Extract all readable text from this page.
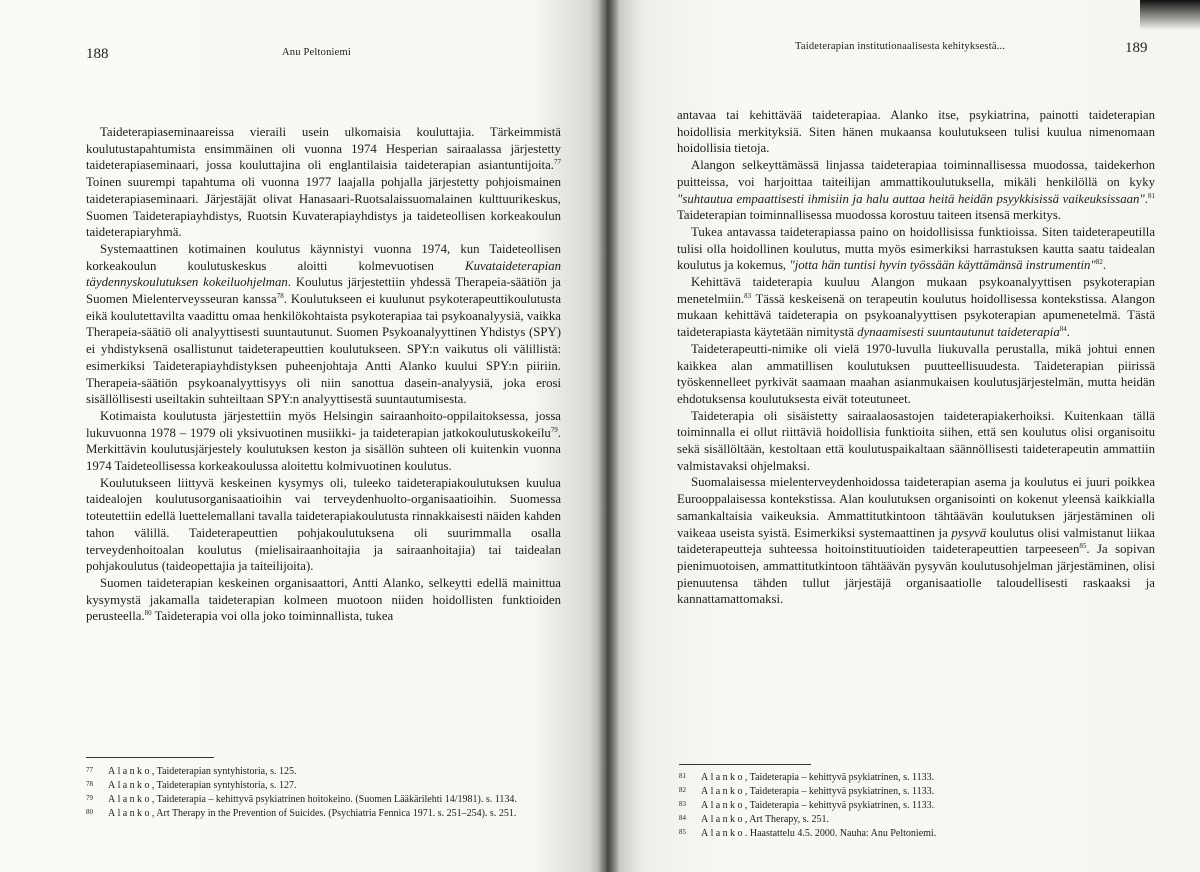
188	Anu Peltoniemi

Taideterapiaseminaareissa vieraili usein ulkomaisia kouluttajia. Tärkeimmistä koulutustapahtumista ensimmäinen oli vuonna 1974 Hesperian sairaalassa järjestetty taideterapiaseminaari, jossa kouluttajina oli englantilaisia taideterapian asiantuntijoita.$^{77}$ Toinen suurempi tapahtuma oli vuonna 1977 laajalla pohjalla järjestetty pohjoismainen taideterapiaseminaari. Järjestäjät olivat Hanasaari-Ruotsalaissuomalainen kulttuurikeskus, Suomen Taideterapiayhdistys, Ruotsin Kuvaterapiayhdistys ja taideteollisen korkeakoulun taideterapiaryhmä.

Systemaattinen kotimainen koulutus käynnistyi vuonna 1974, kun Taideteollisen korkeakoulun koulutuskeskus aloitti kolmevuotisen Kuvataideterapian täydennyskoulutuksen kokeiluohjelman. Koulutus järjestettiin yhdessä Therapeia-säätiön ja Suomen Mielenterveysseuran kanssa$^{78}$. Koulutukseen ei kuulunut psykoterapeuttikoulutusta eikä koulutettavilta vaadittu omaa henkilökohtaista psykoterapiaa tai psykoanalyysiä, vaikka Therapeia-säätiö oli analyyttisesti suuntautunut. Suomen Psykoanalyyttinen Yhdistys (SPY) ei yhdistyksenä osallistunut taideterapeuttien koulutukseen. SPY:n vaikutus oli välillistä: esimerkiksi Taideterapiayhdistyksen puheenjohtaja Antti Alanko kuului SPY:n piiriin. Therapeia-säätiön psykoanalyyttisyys oli niin sanottua dasein-analyysiä, joka erosi sisällöllisesti useiltakin suhteiltaan SPY:n analyyttisestä suuntautumisesta.

Kotimaista koulutusta järjestettiin myös Helsingin sairaanhoito-oppilaitoksessa, jossa lukuvuonna 1978 – 1979 oli yksivuotinen musiikki- ja taideterapian jatkokoulutuskokeilu$^{79}$. Merkittävin koulutusjärjestely koulutuksen keston ja sisällön suhteen oli kuitenkin vuonna 1974 Taideteollisessa korkeakoulussa aloitettu kolmivuotinen koulutus.

Koulutukseen liittyvä keskeinen kysymys oli, tuleeko taideterapiakoulutuksen kuulua taidealojen koulutusorganisaatioihin vai terveydenhuolto-organisaatioihin. Suomessa toteutettiin edellä luettelemallani tavalla taideterapiakoulutusta rinnakkaisesti näiden kahden tahon välillä. Taideterapeuttien pohjakoulutuksena oli suurimmalla osalla terveydenhoitoalan koulutus (mielisairaanhoitajia ja sairaanhoitajia) tai taidealan pohjakoulutus (taideopettajia ja taiteilijoita).

Suomen taideterapian keskeinen organisaattori, Antti Alanko, selkeytti edellä mainittua kysymystä jakamalla taideterapian kolmeen muotoon niiden hoidollisten funktioiden perusteella.$^{80}$ Taideterapia voi olla joko toiminnallista, tukea

77 Alanko, Taideterapian syntyhistoria, s. 125.
78 Alanko, Taideterapian syntyhistoria, s. 127.
79 Alanko, Taideterapia – kehittyvä psykiatrinen hoitokeino. (Suomen Lääkärilehti 14/1981). s. 1134.
80 Alanko, Art Therapy in the Prevention of Suicides. (Psychiatria Fennica 1971. s. 251–254). s. 251.
189
Taideterapian institutionaalisesta kehityksestä...

antavaa tai kehittävää taideterapiaa. Alanko itse, psykiatrina, painotti taideterapian hoidollisia merkityksiä. Siten hänen mukaansa koulutukseen tulisi kuulua nimenomaan hoidollisia tietoja.

Alangon selkeyttämässä linjassa taideterapiaa toiminnallisessa muodossa, taidekerhon puitteissa, voi harjoittaa taiteilijan ammattikoulutuksella, mikäli henkilöllä on kyky "suhtautua empaattisesti ihmisiin ja halu auttaa heitä heidän psyykkisissä vaikeuksissaan".$^{81}$ Taideterapian toiminnallisessa muodossa korostuu taiteen itsensä merkitys.

Tukea antavassa taideterapiassa paino on hoidollisissa funktioissa. Siten taideterapeutilla tulisi olla hoidollinen koulutus, mutta myös esimerkiksi harrastuksen kautta saatu taidealan koulutus ja kokemus, "jotta hän tuntisi hyvin työssään käyttämänsä instrumentin"$^{82}$.

Kehittävä taideterapia kuuluu Alangon mukaan psykoanalyyttisen psykoterapian menetelmiin.$^{83}$ Tässä keskeisenä on terapeutin koulutus hoidollisessa kontekstissa. Alangon mukaan kehittävä taideterapia on psykoanalyyttisen psykoterapian apumenetelmä. Tästä taideterapiasta käytetään nimitystä dynaamisesti suuntautunut taideterapia$^{84}$.

Taideterapeutti-nimike oli vielä 1970-luvulla liukuvalla perustalla, mikä johtui ennen kaikkea alan ammatillisen koulutuksen puutteellisuudesta. Taideterapian piirissä työskennelleet pyrkivät saamaan maahan asianmukaisen koulutusjärjestelmän, mutta heidän ehdotuksensa koulutuksesta eivät toteutuneet.

Taideterapia oli sisäistetty sairaalaosastojen taideterapiakerhoiksi. Kuitenkaan tällä toiminnalla ei ollut riittäviä hoidollisia funktioita siihen, että sen koulutus olisi organisoitu sekä sisällöltään, kestoltaan että koulutuspaikaltaan säännöllisesti taideterapeutin ammattiin valmistavaksi ohjelmaksi.

Suomalaisessa mielenterveydenhoidossa taideterapian asema ja koulutus ei juuri poikkea Eurooppalaisessa kontekstissa. Alan koulutuksen organisointi on kokenut yleensä kaikkialla samankaltaisia vaikeuksia. Ammattitutkintoon tähtäävän koulutuksen järjestäminen oli vaikeaa useista syistä. Esimerkiksi systemaattinen ja pysyvä koulutus olisi valmistanut liikaa taideterapeutteja suhteessa hoitoinstituutioiden taideterapeuttien tarpeeseen$^{85}$. Ja sopivan pienimuotoisen, ammattitutkintoon tähtäävän pysyvän koulutusohjelman järjestäminen, olisi pienuutensa tähden tullut järjestäjä organisaatiolle taloudellisesti raskaaksi ja kannattamattomaksi.

81 Alanko, Taideterapia – kehittyvä psykiatrinen, s. 1133.
82 Alanko, Taideterapia – kehittyvä psykiatrinen, s. 1133.
83 Alanko, Taideterapia – kehittyvä psykiatrinen, s. 1133.
84 Alanko, Art Therapy, s. 251.
85 Alanko. Haastattelu 4.5. 2000. Nauha: Anu Peltoniemi.
